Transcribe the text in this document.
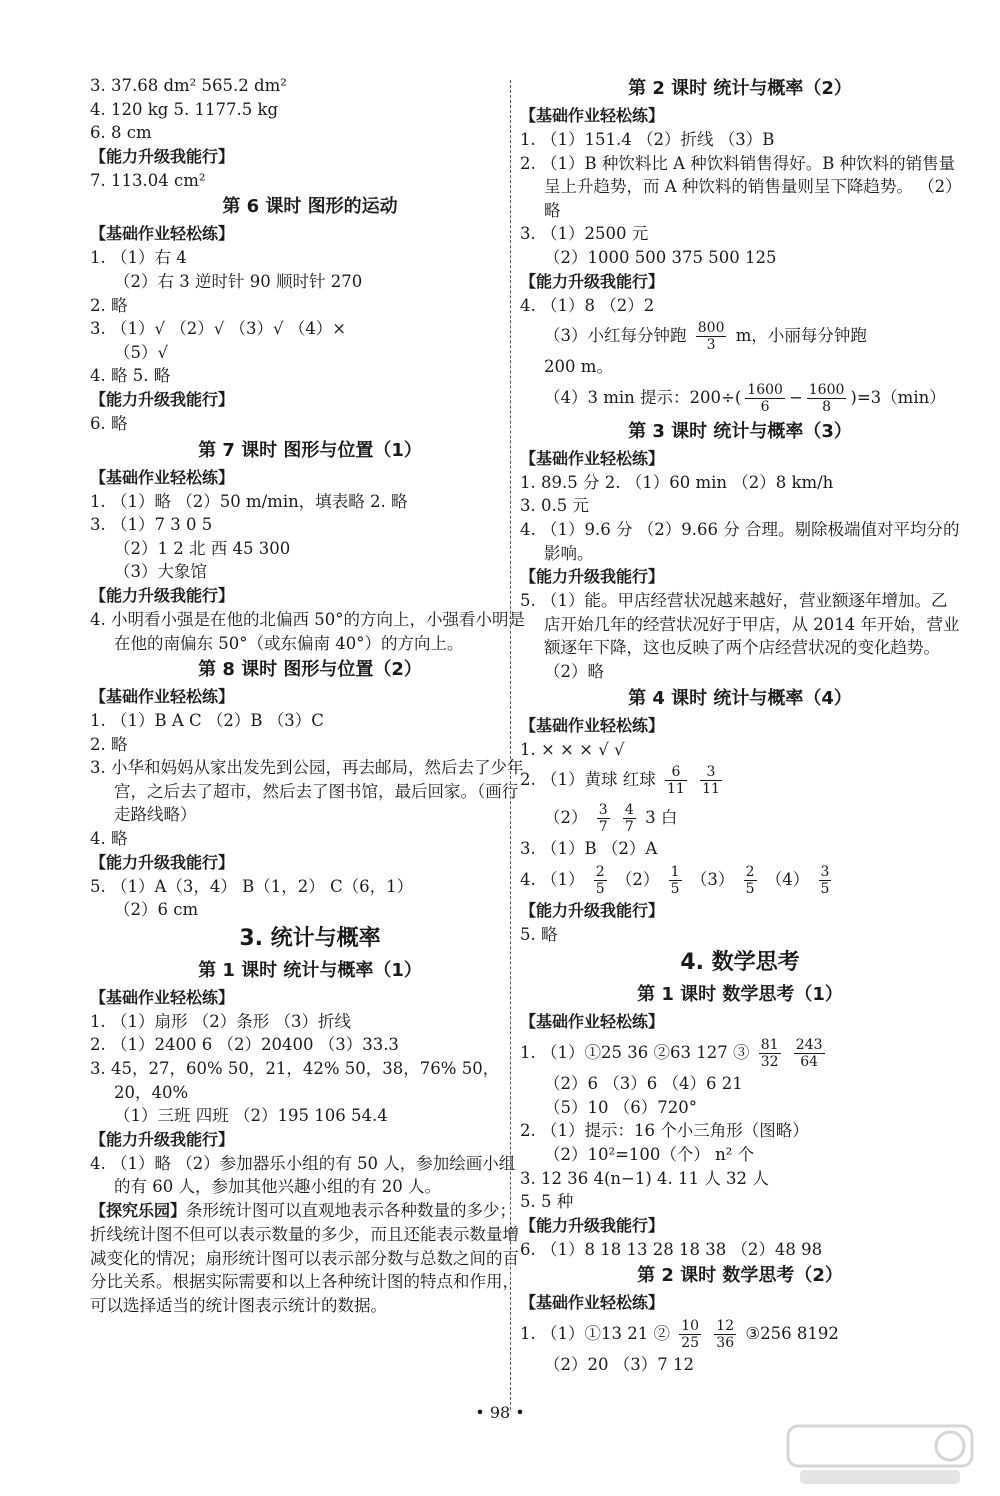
3. 37.68 dm² 565.2 dm²
4. 120 kg 5. 1177.5 kg
6. 8 cm
【能力升级我能行】
7. 113.04 cm²
第 6 课时 图形的运动
【基础作业轻松练】
1. （1）右 4
（2）右 3 逆时针 90 顺时针 270
2. 略
3. （1）√ （2）√ （3）√ （4）×
（5）√
4. 略 5. 略
【能力升级我能行】
6. 略
第 7 课时 图形与位置（1）
【基础作业轻松练】
1. （1）略 （2）50 m/min，填表略 2. 略
3. （1）7 3 0 5
（2）1 2 北 西 45 300
（3）大象馆
【能力升级我能行】
4. 小明看小强是在他的北偏西 50°的方向上，小强看小明是在他的南偏东 50°（或东偏南 40°）的方向上。
第 8 课时 图形与位置（2）
【基础作业轻松练】
1. （1）B A C （2）B （3）C
2. 略
3. 小华和妈妈从家出发先到公园，再去邮局，然后去了少年宫，之后去了超市，然后去了图书馆，最后回家。（画行走路线略）
4. 略
【能力升级我能行】
5. （1）A（3，4） B（1，2） C（6，1）
（2）6 cm
3. 统计与概率
第 1 课时 统计与概率（1）
【基础作业轻松练】
1. （1）扇形 （2）条形 （3）折线
2. （1）2400 6 （2）20400 （3）33.3
3. 45，27，60% 50，21，42% 50，38，76% 50，20，40%
（1）三班 四班 （2）195 106 54.4
【能力升级我能行】
4. （1）略 （2）参加器乐小组的有 50 人，参加绘画小组的有 60 人，参加其他兴趣小组的有 20 人。
【探究乐园】条形统计图可以直观地表示各种数量的多少；折线统计图不但可以表示数量的多少，而且还能表示数量增减变化的情况；扇形统计图可以表示部分数与总数之间的百分比关系。根据实际需要和以上各种统计图的特点和作用，可以选择适当的统计图表示统计的数据。
第 2 课时 统计与概率（2）
【基础作业轻松练】
1. （1）151.4 （2）折线 （3）B
2. （1）B 种饮料比 A 种饮料销售得好。B 种饮料的销售量呈上升趋势，而 A 种饮料的销售量则呈下降趋势。 （2）略
3. （1）2500 元
（2）1000 500 375 500 125
【能力升级我能行】
4. （1）8 （2）2
（3）小红每分钟跑 $\frac{800}{3}$ m，小丽每分钟跑
200 m。
（4）3 min 提示：$200\div( \frac{1600}{6} - \frac{1600}{8} )=3(\min)$
第 3 课时 统计与概率（3）
【基础作业轻松练】
1. 89.5 分 2. （1）60 min （2）8 km/h
3. 0.5 元
4. （1）9.6 分 （2）9.66 分 合理。剔除极端值对平均分的影响。
【能力升级我能行】
5. （1）能。甲店经营状况越来越好，营业额逐年增加。乙店开始几年的经营状况好于甲店，从 2014 年开始，营业额逐年下降，这也反映了两个店经营状况的变化趋势。 （2）略
第 4 课时 统计与概率（4）
【基础作业轻松练】
1. × × × √ √
2. （1）黄球 红球 $\frac{6}{11}$
$\frac{3}{11}$
$(2) \frac{3}{7}$
$\frac{4}{7} 3$ 白
3. （1）B （2）A
4. $(1) \frac{2}{5} (2) \frac{1}{5} (3) \frac{2}{5} (4) \frac{3}{5}$
【能力升级我能行】
5. 略
4. 数学思考
第 1 课时 数学思考（1）
【基础作业轻松练】
1. （1）①25 36 ②63 127 ③ $\frac{81}{32}$
$\frac{243}{64}$
（2）6 （3）6 （4）6 21
（5）10 （6）720°
2. （1）提示：16 个小三角形（图略）
（2）10²=100（个） n² 个
3. 12 36 4(n−1) 4. 11 人 32 人
5. 5 种
【能力升级我能行】
6. （1）8 18 13 28 18 38 （2）48 98
第 2 课时 数学思考（2）
【基础作业轻松练】
1. （1）①13 21 ② $\frac{10}{25}$
$\frac{12}{36}$ ③256 8192
（2）20 （3）7 12
• 98 •
